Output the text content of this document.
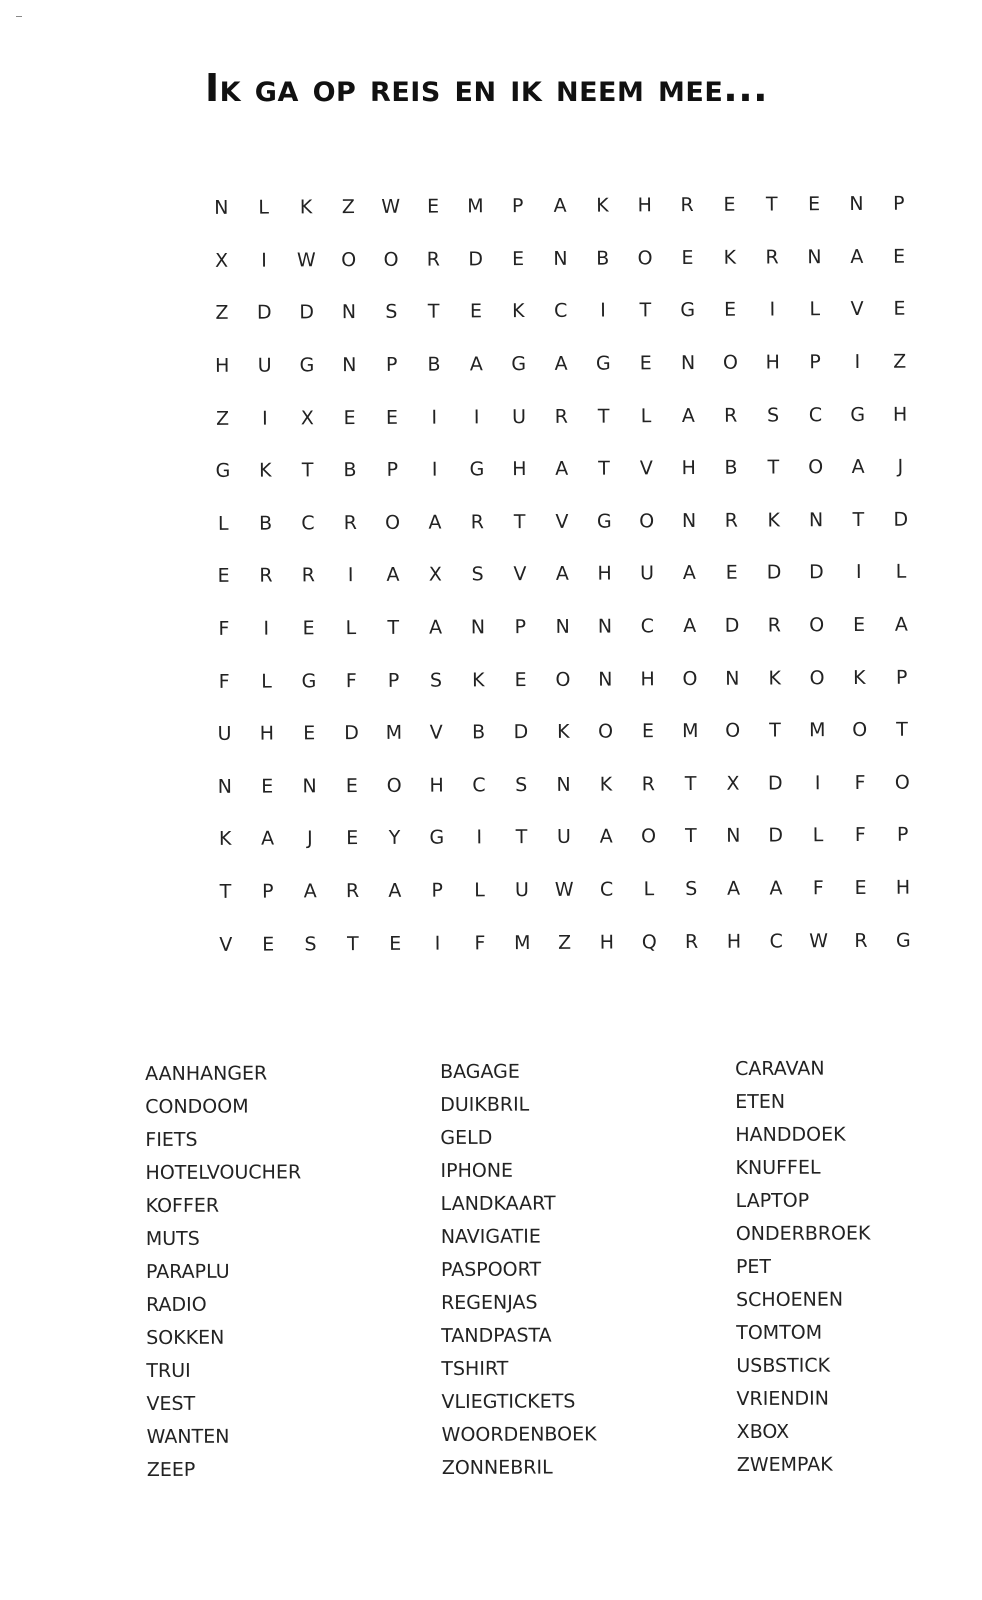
Ik ga op reis en ik neem mee...
N	L	K	Z	W	E	M	P	A	K	H	R	E	T	E	N	P
X	I	W	O	O	R	D	E	N	B	O	E	K	R	N	A	E
Z	D	D	N	S	T	E	K	C	I	T	G	E	I	L	V	E
H	U	G	N	P	B	A	G	A	G	E	N	O	H	P	I	Z
Z	I	X	E	E	I	I	U	R	T	L	A	R	S	C	G	H
G	K	T	B	P	I	G	H	A	T	V	H	B	T	O	A	J
L	B	C	R	O	A	R	T	V	G	O	N	R	K	N	T	D
E	R	R	I	A	X	S	V	A	H	U	A	E	D	D	I	L
F	I	E	L	T	A	N	P	N	N	C	A	D	R	O	E	A
F	L	G	F	P	S	K	E	O	N	H	O	N	K	O	K	P
U	H	E	D	M	V	B	D	K	O	E	M	O	T	M	O	T
N	E	N	E	O	H	C	S	N	K	R	T	X	D	I	F	O
K	A	J	E	Y	G	I	T	U	A	O	T	N	D	L	F	P
T	P	A	R	A	P	L	U	W	C	L	S	A	A	F	E	H
V	E	S	T	E	I	F	M	Z	H	Q	R	H	C	W	R	G
AANHANGER
CONDOOM
FIETS
HOTELVOUCHER
KOFFER
MUTS
PARAPLU
RADIO
SOKKEN
TRUI
VEST
WANTEN
ZEEP
BAGAGE
DUIKBRIL
GELD
IPHONE
LANDKAART
NAVIGATIE
PASPOORT
REGENJAS
TANDPASTA
TSHIRT
VLIEGTICKETS
WOORDENBOEK
ZONNEBRIL
CARAVAN
ETEN
HANDDOEK
KNUFFEL
LAPTOP
ONDERBROEK
PET
SCHOENEN
TOMTOM
USBSTICK
VRIENDIN
XBOX
ZWEMPAK
